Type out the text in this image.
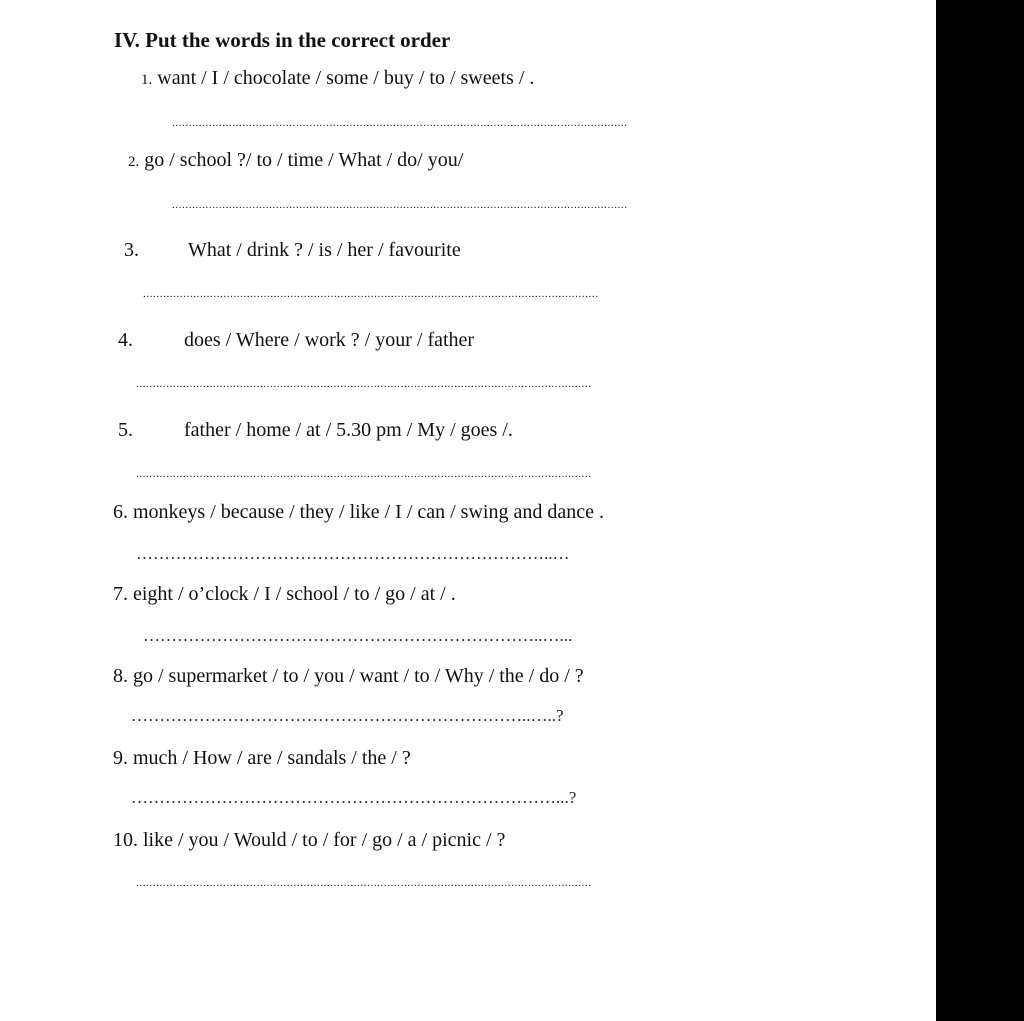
IV. Put the words in the correct order
1. want / I / chocolate / some / buy / to / sweets / .
........................................................................................................................................
2. go / school ?/ to / time / What / do/ you/
........................................................................................................................................
3. What / drink ? / is / her / favourite
........................................................................................................................................
4.	does / Where / work ? / your / father
........................................................................................................................................
5.	father / home / at / 5.30 pm / My / goes /.
........................................................................................................................................
6. monkeys / because / they / like / I / can / swing and dance .
………………………………………………………………..…
7. eight / o’clock / I / school / to / go / at / .
……………………………………………………………..…...
8. go / supermarket / to / you / want / to / Why / the / do / ?
……………………………………………………………..…..?
9. much / How / are / sandals / the / ?
…………………………………………………………………...?
10. like / you / Would / to / for / go / a / picnic / ?
........................................................................................................................................
